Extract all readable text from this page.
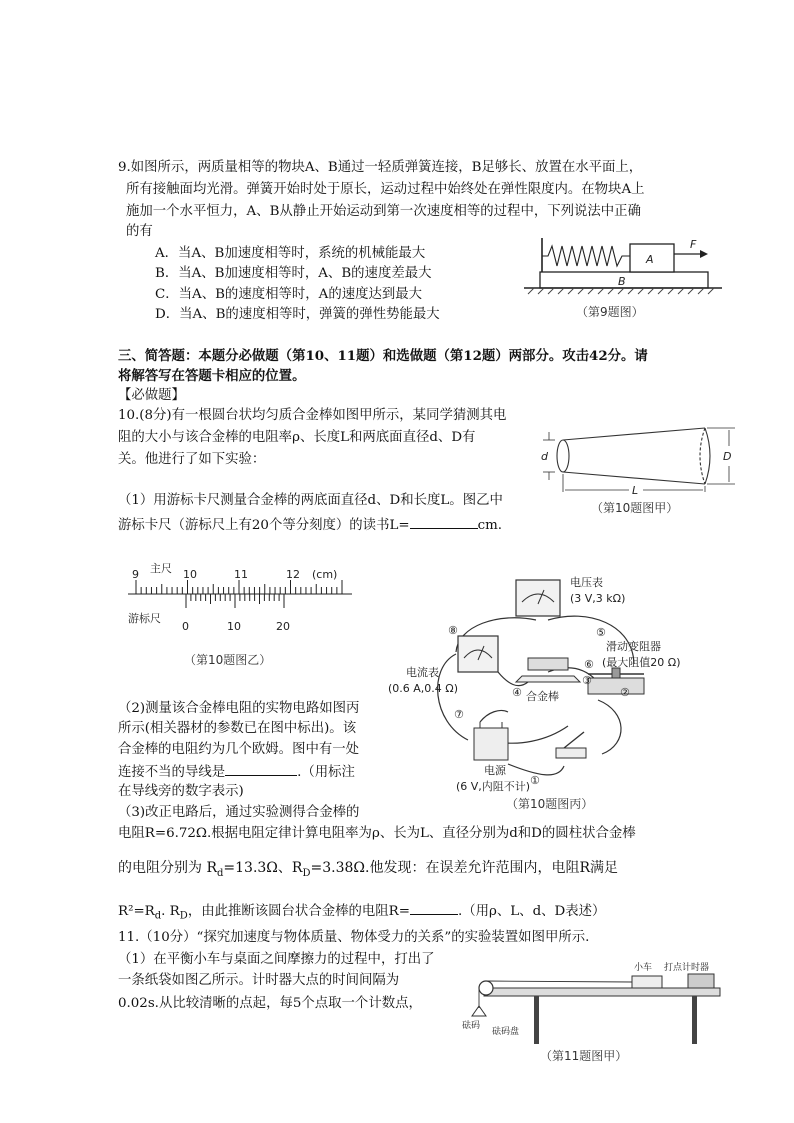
9.如图所示，两质量相等的物块A、B通过一轻质弹簧连接，B足够长、放置在水平面上，
所有接触面均光滑。弹簧开始时处于原长，运动过程中始终处在弹性限度内。在物块A上
施加一个水平恒力，A、B从静止开始运动到第一次速度相等的过程中，下列说法中正确
的有
A．当A、B加速度相等时，系统的机械能最大
B．当A、B加速度相等时，A、B的速度差最大
C．当A、B的速度相等时，A的速度达到最大
D．当A、B的速度相等时，弹簧的弹性势能最大
A
F
B
（第9题图）
三、简答题：本题分必做题（第10、11题）和选做题（第12题）两部分。攻击42分。请
将解答写在答题卡相应的位置。
【必做题】
10.(8分)有一根圆台状均匀质合金棒如图甲所示，某同学猜测其电
阻的大小与该合金棒的电阻率ρ、长度L和两底面直径d、D有
关。他进行了如下实验：
（1）用游标卡尺测量合金棒的两底面直径d、D和长度L。图乙中
游标卡尺（游标尺上有20个等分刻度）的读书L=	cm.
d	D
L
（第10题图甲）
主尺	(cm)
9	10	11	12
游标尺
0	10	20
（第10题图乙）
电压表
(3 V,3 kΩ)
电流表
(0.6 A,0.4 Ω)
合金棒
滑动变阻器
(最大阻值20 Ω)
电源
(6 V,内阻不计) ①
②
③
④
⑤
⑥
⑦
⑧
（第10题图丙）
（2)测量该合金棒电阻的实物电路如图丙
所示(相关器材的参数已在图中标出)。该
合金棒的电阻约为几个欧姆。图中有一处
连接不当的导线是	.（用标注
在导线旁的数字表示)
（3)改正电路后，通过实验测得合金棒的
电阻R=6.72Ω.根据电阻定律计算电阻率为ρ、长为L、直径分别为d和D的圆柱状合金棒
的电阻分别为 $R_d=13.3\Omega$、$R_D=3.38\Omega$.他发现：在误差允许范围内，电阻R满足
$R^2=R_d$. $R_D$，由此推断该圆台状合金棒的电阻R=	.（用ρ、L、d、D表述）
11.（10分）“探究加速度与物体质量、物体受力的关系”的实验装置如图甲所示.
（1）在平衡小车与桌面之间摩擦力的过程中，打出了
一条纸袋如图乙所示。计时器大点的时间间隔为
0.02s.从比较清晰的点起，每5个点取一个计数点，
小车 打点计时器
砝码
砝码盘
（第11题图甲）
